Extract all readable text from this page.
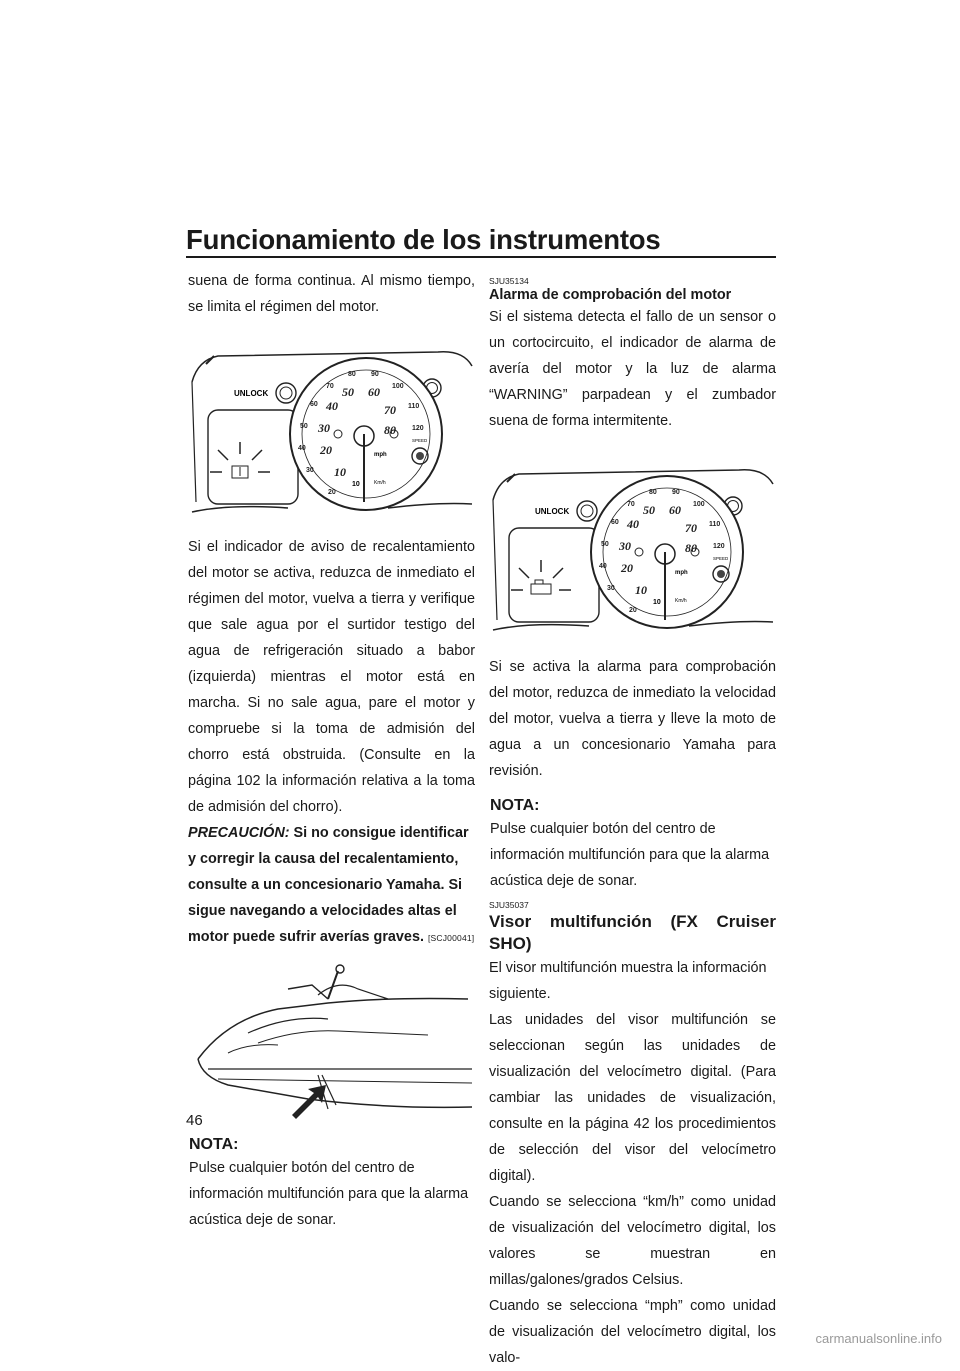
Funcionamiento de los instrumentos

suena de forma continua. Al mismo tiempo, se limita el régimen del motor.

UNLOCK
20
30
40
50
60
70
80 90
100
110
120
10
20
30
40
50 60
70
80
10	Km/h
mph
SPEED

Si el indicador de aviso de recalentamiento del motor se activa, reduzca de inmediato el régimen del motor, vuelva a tierra y verifique que sale agua por el surtidor testigo del agua de refrigeración situado a babor (izquierda) mientras el motor está en marcha. Si no sale agua, pare el motor y compruebe si la toma de admisión del chorro está obstruida. (Consulte en la página 102 la información relativa a la toma de admisión del chorro).

PRECAUCIÓN: Si no consigue identificar y corregir la causa del recalentamiento, consulte a un concesionario Yamaha. Si sigue navegando a velocidades altas el motor puede sufrir averías graves. [SCJ00041]

NOTA:

Pulse cualquier botón del centro de información multifunción para que la alarma acústica deje de sonar.

SJU35134

Alarma de comprobación del motor

Si el sistema detecta el fallo de un sensor o un cortocircuito, el indicador de alarma de avería del motor y la luz de alarma “WARNING” parpadean y el zumbador suena de forma intermitente.

UNLOCK
20
30
40
50
60
70
80 90
100
110
120
10
20
30
40
50 60
70
80
10	Km/h
mph
SPEED

Si se activa la alarma para comprobación del motor, reduzca de inmediato la velocidad del motor, vuelva a tierra y lleve la moto de agua a un concesionario Yamaha para revisión.

NOTA:

Pulse cualquier botón del centro de información multifunción para que la alarma acústica deje de sonar.

SJU35037

Visor multifunción (FX Cruiser SHO)

El visor multifunción muestra la información siguiente.

Las unidades del visor multifunción se seleccionan según las unidades de visualización del velocímetro digital. (Para cambiar las unidades de visualización, consulte en la página 42 los procedimientos de selección del visor del velocímetro digital).

Cuando se selecciona “km/h” como unidad de visualización del velocímetro digital, los valores se muestran en millas/galones/grados Celsius.

Cuando se selecciona “mph” como unidad de visualización del velocímetro digital, los valo-

46
carmanualsonline.info
